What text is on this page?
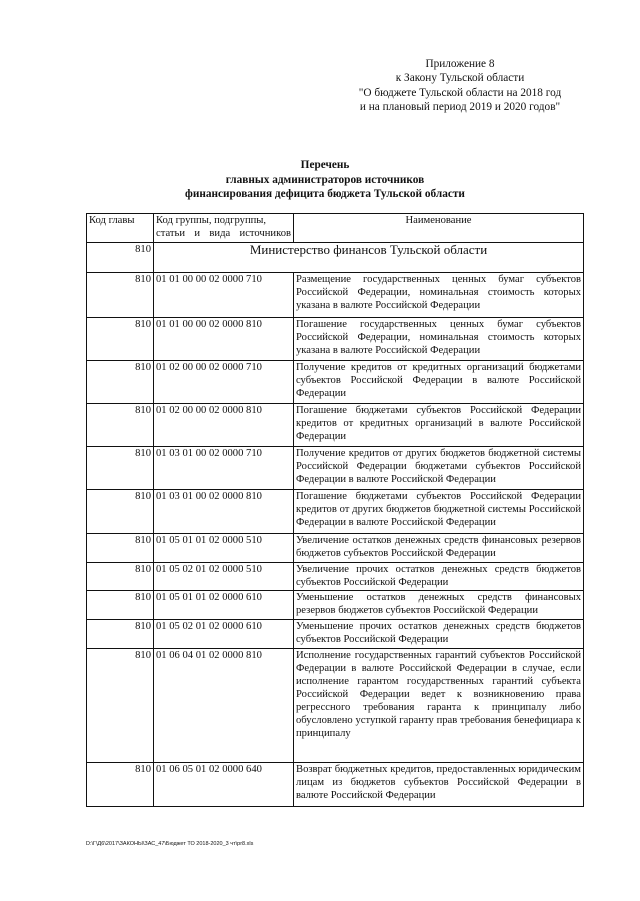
Приложение 8
к Закону Тульской области
"О бюджете Тульской области на 2018 год
и на плановый период 2019 и 2020 годов"
Перечень
главных администраторов источников
финансирования дефицита бюджета Тульской области
Код главы	Код группы, подгруппы, статьи и вида источников	Наименование
810	Министерство финансов Тульской области	
810	01 01 00 00 02 0000 710	Размещение государственных ценных бумаг субъектов Российской Федерации, номинальная стоимость которых указана в валюте Российской Федерации
810	01 01 00 00 02 0000 810	Погашение государственных ценных бумаг субъектов Российской Федерации, номинальная стоимость которых указана в валюте Российской Федерации
810	01 02 00 00 02 0000 710	Получение кредитов от кредитных организаций бюджетами субъектов Российской Федерации в валюте Российской Федерации
810	01 02 00 00 02 0000 810	Погашение бюджетами субъектов Российской Федерации кредитов от кредитных организаций в валюте Российской Федерации
810	01 03 01 00 02 0000 710	Получение кредитов от других бюджетов бюджетной системы Российской Федерации бюджетами субъектов Российской Федерации в валюте Российской Федерации
810	01 03 01 00 02 0000 810	Погашение бюджетами субъектов Российской Федерации кредитов от других бюджетов бюджетной системы Российской Федерации в валюте Российской Федерации
810	01 05 01 01 02 0000 510	Увеличение остатков денежных средств финансовых резервов бюджетов субъектов Российской Федерации
810	01 05 02 01 02 0000 510	Увеличение прочих остатков денежных средств бюджетов субъектов Российской Федерации
810	01 05 01 01 02 0000 610	Уменьшение остатков денежных средств финансовых резервов бюджетов субъектов Российской Федерации
810	01 05 02 01 02 0000 610	Уменьшение прочих остатков денежных средств бюджетов субъектов Российской Федерации
810	01 06 04 01 02 0000 810	Исполнение государственных гарантий субъектов Российской Федерации в валюте Российской Федерации в случае, если исполнение гарантом государственных гарантий субъекта Российской Федерации ведет к возникновению права регрессного требования гаранта к принципалу либо обусловлено уступкой гаранту прав требования бенефициара к принципалу
810	01 06 05 01 02 0000 640	Возврат бюджетных кредитов, предоставленных юридическим лицам из бюджетов субъектов Российской Федерации в валюте Российской Федерации
D:\Г\Д6\2017\ЗАКОНЫ\ЗАС_47\Бюджет ТО 2018-2020_3 чт\pr8.xls
